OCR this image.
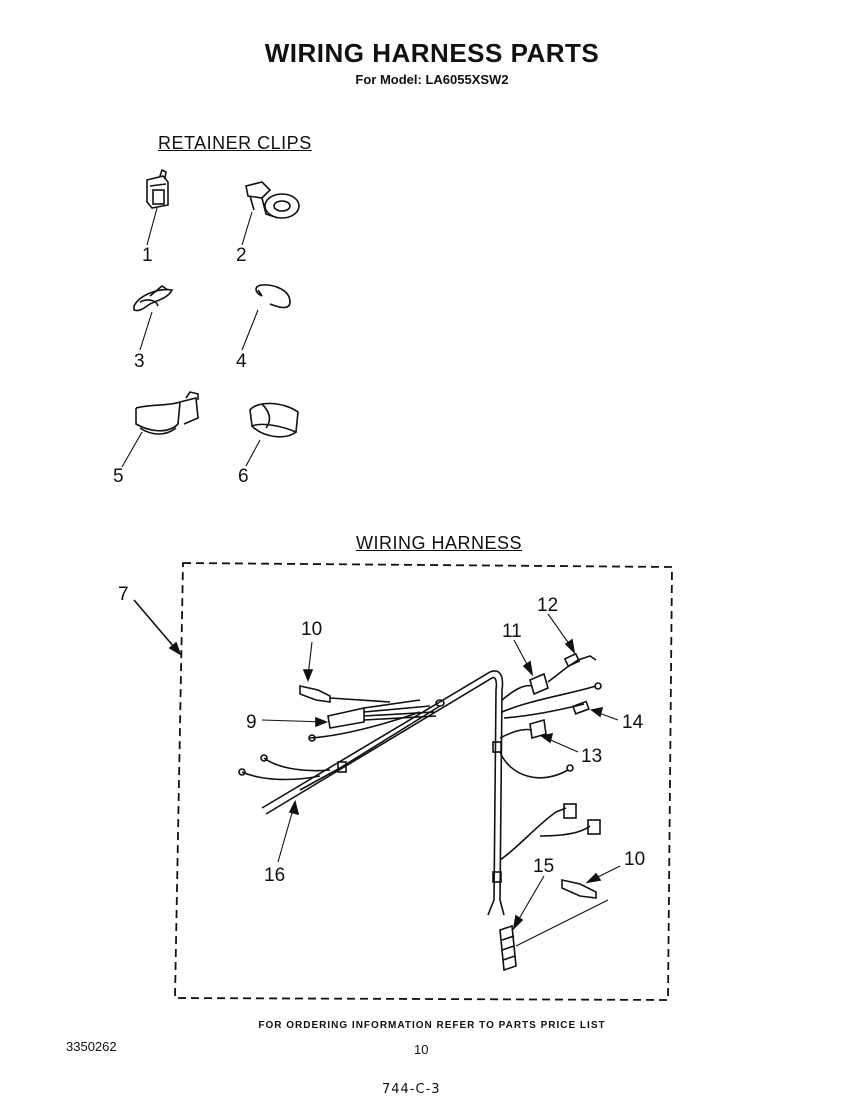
WIRING HARNESS PARTS
For Model: LA6055XSW2
RETAINER CLIPS
WIRING HARNESS
1	2
3	4
5	6
7
9
10
10
11
12
13
14
15
16
FOR ORDERING INFORMATION REFER TO PARTS PRICE LIST
3350262	10
744-C-3
